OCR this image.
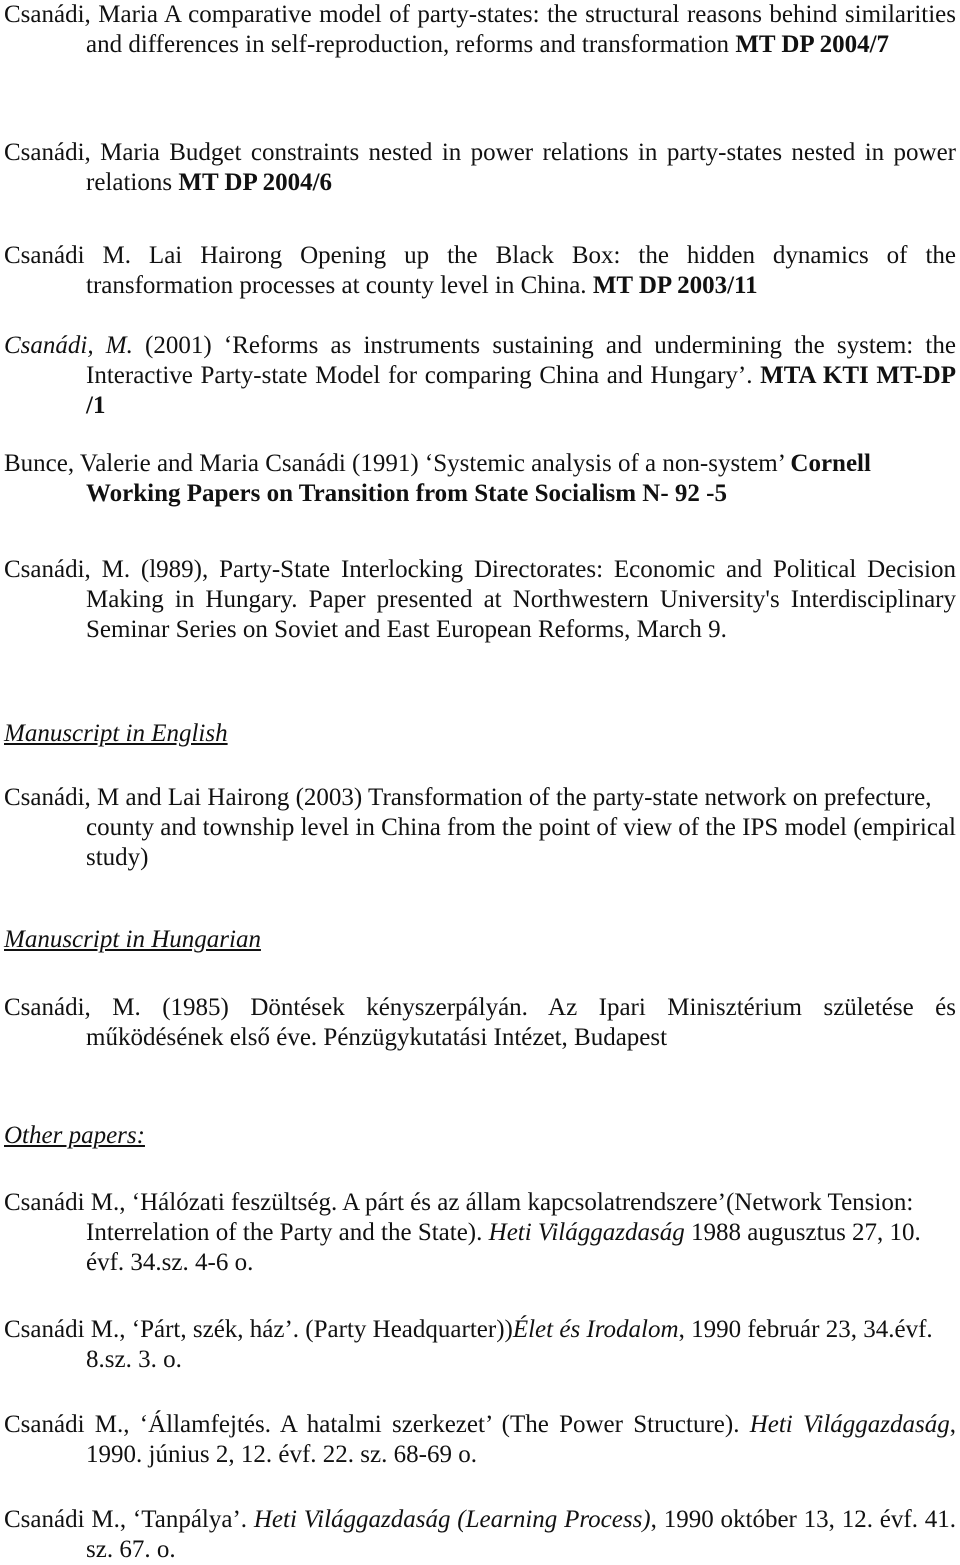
Csanádi, Maria A comparative model of party-states: the structural reasons behind similarities and differences in self-reproduction, reforms and transformation MT DP 2004/7

Csanádi, Maria Budget constraints nested in power relations in party-states nested in power relations MT DP 2004/6

Csanádi M. Lai Hairong Opening up the Black Box: the hidden dynamics of the transformation processes at county level in China. MT DP 2003/11

Csanádi, M. (2001) ‘Reforms as instruments sustaining and undermining the system: the Interactive Party-state Model for comparing China and Hungary’. MTA KTI MT-DP /1

Bunce, Valerie and Maria Csanádi (1991) ‘Systemic analysis of a non-system’ Cornell Working Papers on Transition from State Socialism N- 92 -5

Csanádi, M. (l989), Party-State Interlocking Directorates: Economic and Political Decision Making in Hungary. Paper presented at Northwestern University's Interdisciplinary Seminar Series on Soviet and East European Reforms, March 9.

Manuscript in English

Csanádi, M and Lai Hairong (2003) Transformation of the party-state network on prefecture, county and township level in China from the point of view of the IPS model (empirical study)

Manuscript in Hungarian

Csanádi, M. (1985) Döntések kényszerpályán. Az Ipari Minisztérium születése és működésének első éve. Pénzügykutatási Intézet, Budapest

Other papers:

Csanádi M., ‘Hálózati feszültség. A párt és az állam kapcsolatrendszere’(Network Tension: Interrelation of the Party and the State). Heti Világgazdaság 1988 augusztus 27, 10. évf. 34.sz. 4-6 o.

Csanádi M., ‘Párt, szék, ház’. (Party Headquarter))Élet és Irodalom, 1990 február 23, 34.évf. 8.sz. 3. o.

Csanádi M., ‘Államfejtés. A hatalmi szerkezet’ (The Power Structure). Heti Világgazdaság, 1990. június 2, 12. évf. 22. sz. 68-69 o.

Csanádi M., ‘Tanpálya’. Heti Világgazdaság (Learning Process), 1990 október 13, 12. évf. 41. sz. 67. o.
